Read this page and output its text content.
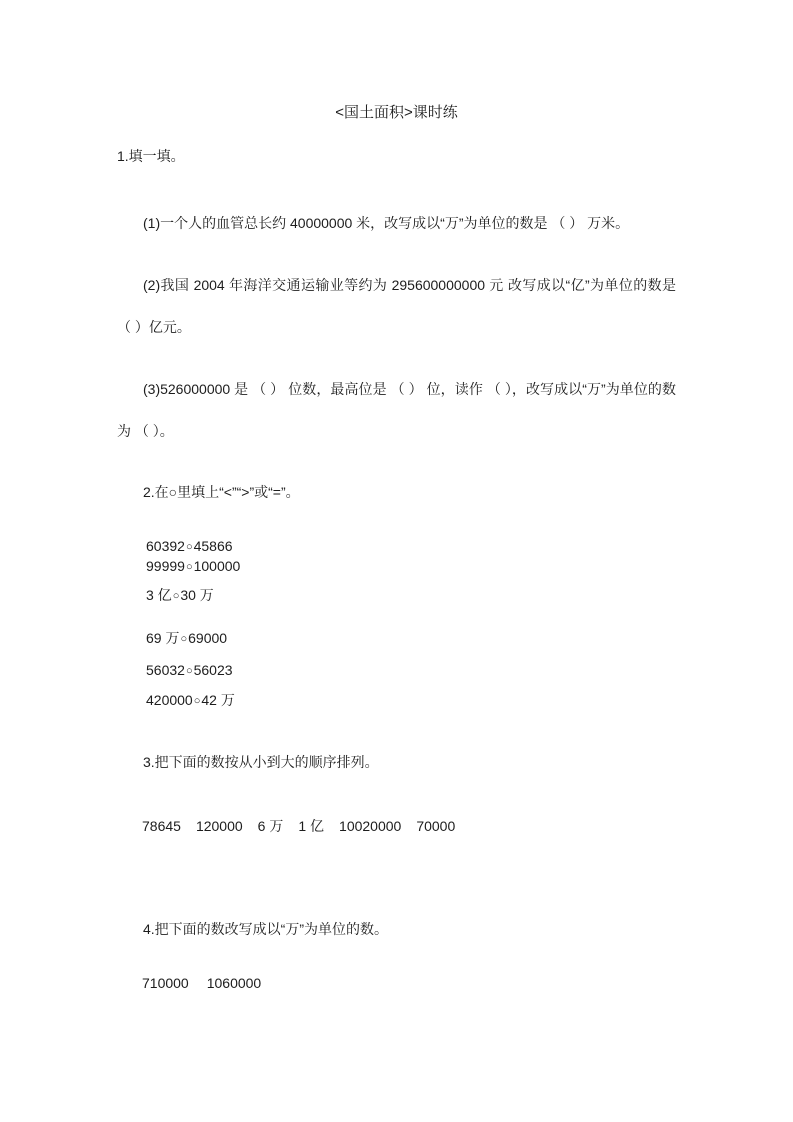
<国土面积>课时练
1.填一填。
(1)一个人的血管总长约 40000000 米，改写成以“万”为单位的数是 （ ） 万米。
(2)我国 2004 年海洋交通运输业等约为 295600000000 元 改写成以“亿”为单位的数是（ ）亿元。
(3)526000000 是 （ ） 位数，最高位是 （ ） 位，读作 （ ），改写成以“万”为单位的数为 （ ）。
2.在○里填上“<”“>”或“=”。
60392○45866
99999○100000
3 亿○30 万
69 万○69000
56032○56023
420000○42 万
3.把下面的数按从小到大的顺序排列。
78645 120000 6 万 1 亿 10020000 70000
4.把下面的数改写成以“万”为单位的数。
710000 1060000
